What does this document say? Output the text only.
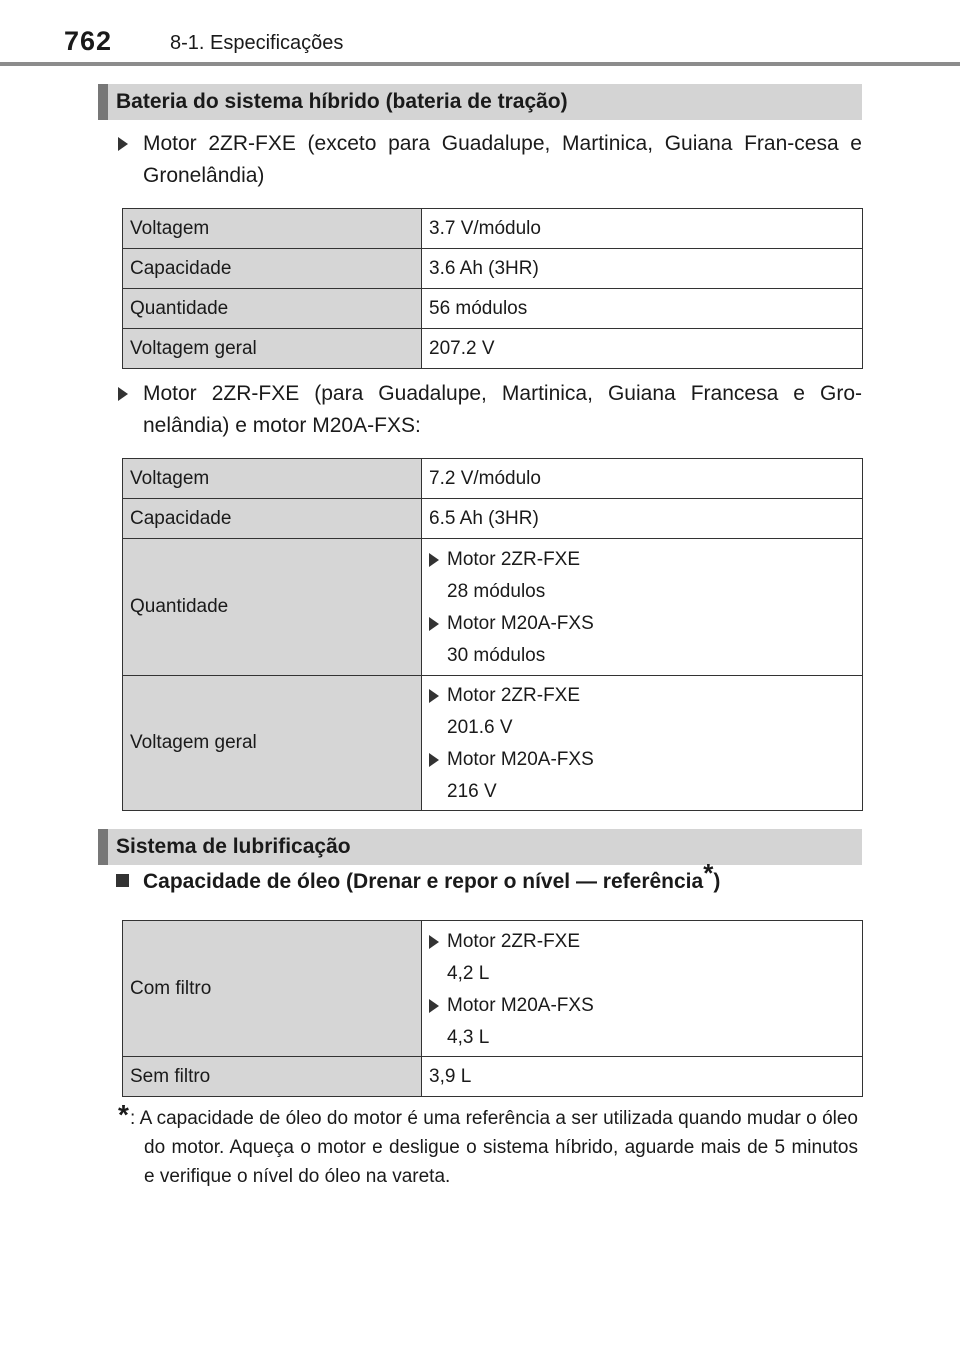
762	8-1. Especificações
Bateria do sistema híbrido (bateria de tração)
Motor 2ZR-FXE (exceto para Guadalupe, Martinica, Guiana Fran-cesa e Gronelândia)
Voltagem	3.7 V/módulo
Capacidade	3.6 Ah (3HR)
Quantidade	56 módulos
Voltagem geral	207.2 V
Motor 2ZR-FXE (para Guadalupe, Martinica, Guiana Francesa e Gro-nelândia) e motor M20A-FXS:
Voltagem	7.2 V/módulo
Capacidade	6.5 Ah (3HR)
Quantidade	Motor 2ZR-FXE
28 módulos
Motor M20A-FXS
30 módulos

Voltagem geral	Motor 2ZR-FXE
201.6 V
Motor M20A-FXS
216 V
Sistema de lubrificação
Capacidade de óleo (Drenar e repor o nível — referência*)
Com filtro	Motor 2ZR-FXE
4,2 L
Motor M20A-FXS
4,3 L

Sem filtro	3,9 L
* : A capacidade de óleo do motor é uma referência a ser utilizada quando mudar o óleo do motor. Aqueça o motor e desligue o sistema híbrido, aguarde mais de 5 minutos e verifique o nível do óleo na vareta.
